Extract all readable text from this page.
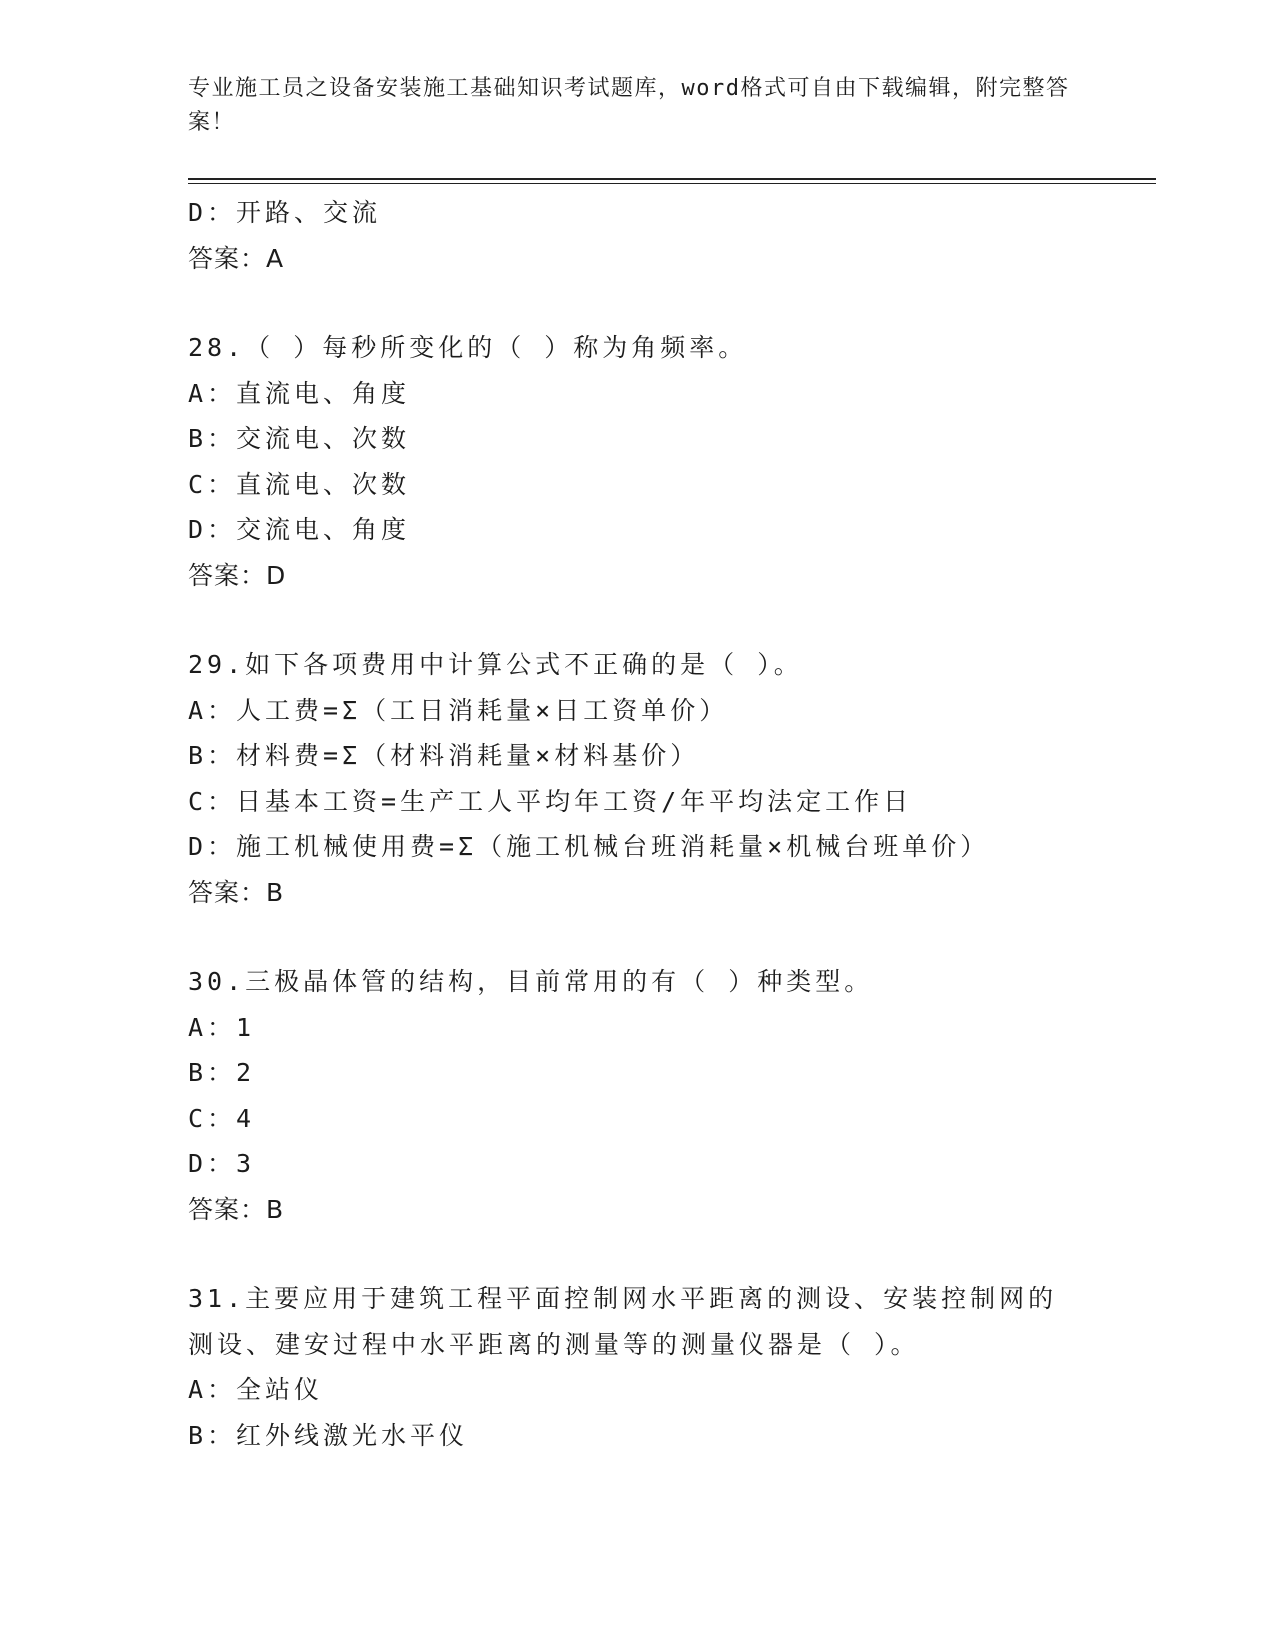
专业施工员之设备安装施工基础知识考试题库，word格式可自由下载编辑，附完整答案！
D：开路、交流
答案：A
28.（ ）每秒所变化的（ ）称为角频率。
A：直流电、角度
B：交流电、次数
C：直流电、次数
D：交流电、角度
答案：D
29.如下各项费用中计算公式不正确的是（ ）。
A：人工费=Σ（工日消耗量×日工资单价）
B：材料费=Σ（材料消耗量×材料基价）
C：日基本工资=生产工人平均年工资/年平均法定工作日
D：施工机械使用费=Σ（施工机械台班消耗量×机械台班单价）
答案：B
30.三极晶体管的结构，目前常用的有（ ）种类型。
A：1
B：2
C：4
D：3
答案：B
31.主要应用于建筑工程平面控制网水平距离的测设、安装控制网的测设、建安过程中水平距离的测量等的测量仪器是（ ）。
A：全站仪
B：红外线激光水平仪
